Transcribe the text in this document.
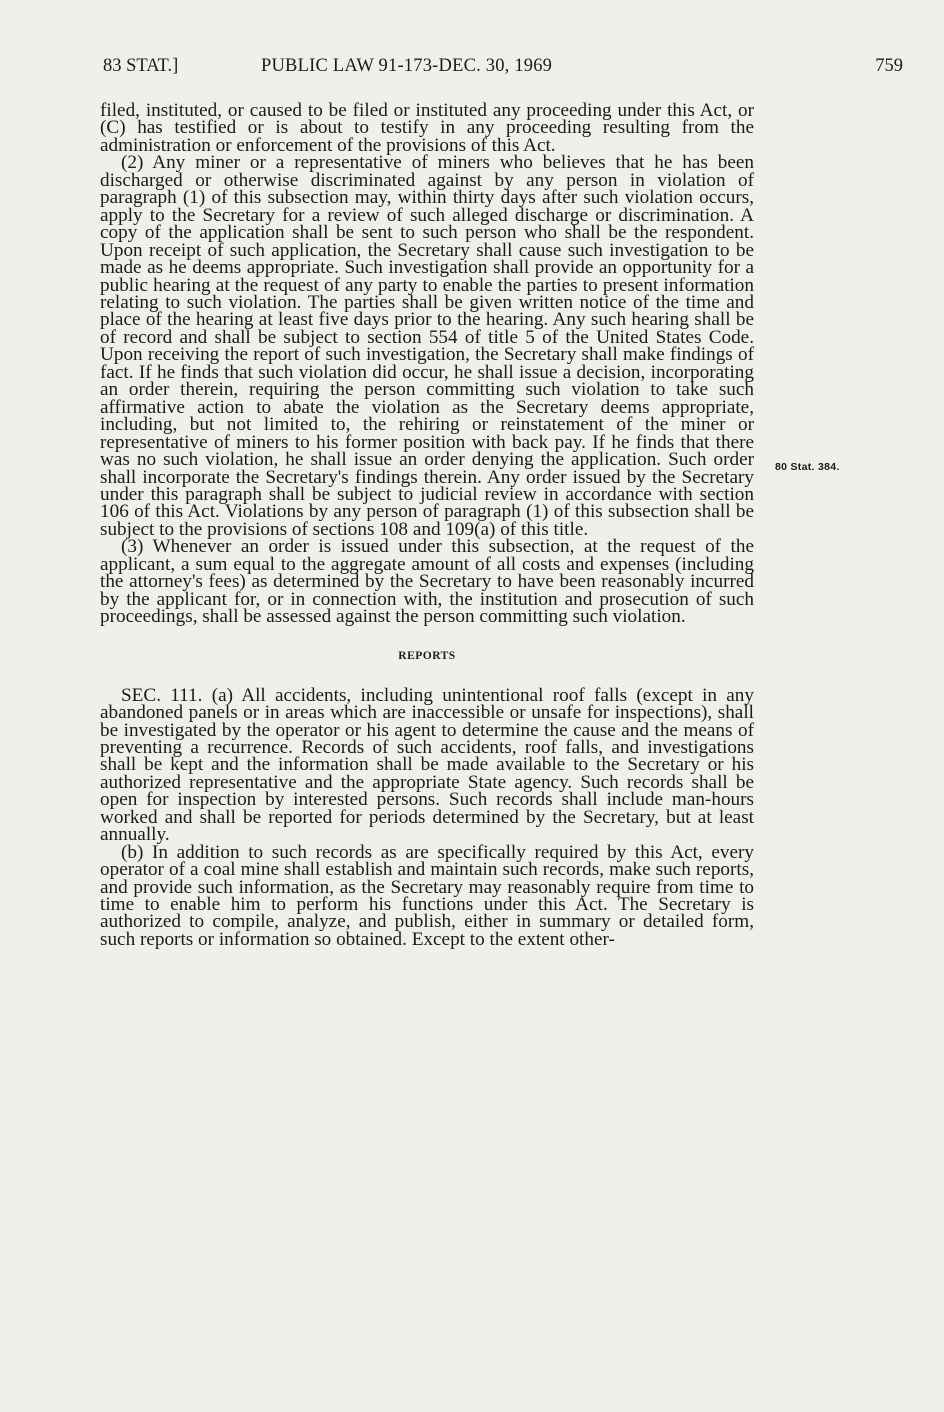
83 STAT.]	PUBLIC LAW 91-173-DEC. 30, 1969	759
80 Stat. 384.

filed, instituted, or caused to be filed or instituted any proceeding under this Act, or (C) has testified or is about to testify in any proceeding resulting from the administration or enforcement of the provisions of this Act.

(2) Any miner or a representative of miners who believes that he has been discharged or otherwise discriminated against by any person in violation of paragraph (1) of this subsection may, within thirty days after such violation occurs, apply to the Secretary for a review of such alleged discharge or discrimination. A copy of the application shall be sent to such person who shall be the respondent. Upon receipt of such application, the Secretary shall cause such investigation to be made as he deems appropriate. Such investigation shall provide an opportunity for a public hearing at the request of any party to enable the parties to present information relating to such violation. The parties shall be given written notice of the time and place of the hearing at least five days prior to the hearing. Any such hearing shall be of record and shall be subject to section 554 of title 5 of the United States Code. Upon receiving the report of such investigation, the Secretary shall make findings of fact. If he finds that such violation did occur, he shall issue a decision, incorporating an order therein, requiring the person committing such violation to take such affirmative action to abate the violation as the Secretary deems appropriate, including, but not limited to, the rehiring or reinstatement of the miner or representative of miners to his former position with back pay. If he finds that there was no such violation, he shall issue an order denying the application. Such order shall incorporate the Secretary's findings therein. Any order issued by the Secretary under this paragraph shall be subject to judicial review in accordance with section 106 of this Act. Violations by any person of paragraph (1) of this subsection shall be subject to the provisions of sections 108 and 109(a) of this title.

(3) Whenever an order is issued under this subsection, at the request of the applicant, a sum equal to the aggregate amount of all costs and expenses (including the attorney's fees) as determined by the Secretary to have been reasonably incurred by the applicant for, or in connection with, the institution and prosecution of such proceedings, shall be assessed against the person committing such violation.

REPORTS

SEC. 111. (a) All accidents, including unintentional roof falls (except in any abandoned panels or in areas which are inaccessible or unsafe for inspections), shall be investigated by the operator or his agent to determine the cause and the means of preventing a recurrence. Records of such accidents, roof falls, and investigations shall be kept and the information shall be made available to the Secretary or his authorized representative and the appropriate State agency. Such records shall be open for inspection by interested persons. Such records shall include man-hours worked and shall be reported for periods determined by the Secretary, but at least annually.

(b) In addition to such records as are specifically required by this Act, every operator of a coal mine shall establish and maintain such records, make such reports, and provide such information, as the Secretary may reasonably require from time to time to enable him to perform his functions under this Act. The Secretary is authorized to compile, analyze, and publish, either in summary or detailed form, such reports or information so obtained. Except to the extent other-
